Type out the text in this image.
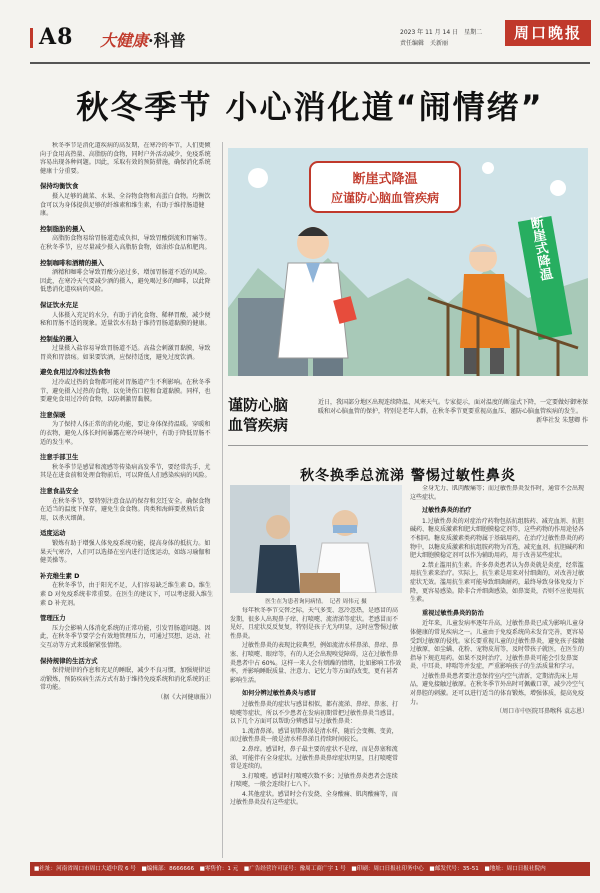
A8 大健康·科普	2023 年 11 月 14 日　星期二
责任编辑　关新丽
周口晚报
秋冬季节 小心消化道“闹情绪”

秋冬季节是消化道疾病的高发期，在寒冷的季节，人们更倾向于食用高热量、高脂肪的食物，同时户外活动减少，免疫系统容易出现各种问题。因此，采取有效的预防措施，确保消化系统健康十分重要。

保持均衡饮食

摄入足够的蔬菜、水果、全谷物食物和高蛋白食物。均衡饮食可以为身体提供足够的纤维素和维生素，有助于维持肠道健康。

控制脂肪的摄入

高脂肪食物易给胃肠道造成负担，导致胃酸倒流和胃痛等。在秋冬季节，应尽量减少摄入高脂肪食物，如油炸食品和肥肉。

控制咖啡和酒精的摄入

酒精和咖啡会导致胃酸分泌过多，增加胃肠道不适的风险。因此，在寒冷天气要减少酒的摄入，避免喝过多的咖啡，以此降低患消化道疾病的风险。

保证饮水充足

人体摄入充足的水分，有助于消化食物、稀释胃酸，减少便秘和胃肠不适的现象。适量饮水有助于维持胃肠道黏膜的健康。

控制盐的摄入

过量摄入盐容易导致胃肠道不适。高盐会刺激胃黏膜，导致胃炎和胃溃疡。如果要饮酒，应保持适度，避免过度饮酒。

避免食用过冷和过热食物

过冷或过热的食物都可能对胃肠道产生不利影响。在秋冬季节，避免摄入过热的食物，以免烫伤口腔和食道黏膜。同样，也要避免食用过冷的食物，以防刺激胃黏膜。

注意保暖

为了保持人体正常的消化功能，要让身体保持温暖。穿暖和的衣物，避免人体长时间暴露在寒冷环境中，有助于降低胃肠不适的发生率。

注意手部卫生

秋冬季节是感冒和流感等传染病高发季节，要经常洗手，尤其是在进食前和处理食物前后，可以降低人们感染疾病的风险。

注意食品安全

在秋冬季节，要特别注意食品的保存和烹饪安全。确保食物在适当的温度下保存，避免生食食物。肉类和海鲜要煮熟后食用，以杀灭细菌。

适度运动

锻炼有助于增强人体免疫系统功能，提高身体的抵抗力。如果天气寒冷，人们可以选择在室内进行适度运动，如练习瑜伽和健美操等。

补充维生素 D

在秋冬季节，由于阳光不足，人们容易缺乏维生素 D。维生素 D 对免疫系统非常重要。在医生的建议下，可以考虑摄入维生素 D 补充剂。

管理压力

压力会影响人体消化系统的正常功能，引发胃肠道问题。因此，在秋冬季节要学会有效地管理压力，可通过冥想、运动、社交互动等方式来缓解紧张情绪。

保持规律的生活方式

保持规律的作息和充足的睡眠，减少不良习惯，加强规律运动锻炼，预防疾病生活方式有助于维持免疫系统和消化系统的正常功能。

（据《大河健康报》）

断崖式降温
应谨防心脑血管疾病
断崖式降温
谨防心脑
血管疾病
近日，我国部分地区出现连续降温、风寒天气。专家提示，面对温度的断崖式下降，一定要做好御寒保暖和对心脑血管的保护，特别是老年人群，在秋冬季节更要重视高血压、谨防心脑血管疾病的发生。
新华社发 朱慧卿 作
秋冬换季总流涕 警惕过敏性鼻炎
医生在为患者询问病情。　记者 周伟元 摄

每年秋冬季节交替之际，天气多变、忽冷忽热，是感冒的高发期，很多人出现鼻子痒、打喷嚏、流清涕等症状。老感冒而不见好，且症状反反复复，特别是孩子尤为明显，这时应警惕过敏性鼻炎。

过敏性鼻炎的表现比较典型，例如流清水样鼻涕、鼻痒、鼻塞、打喷嚏、眼痒等，有的人还会出现嗅觉障碍，这在过敏性鼻炎患者中占 60%。这样一来人会有烦躁的情绪，比如影响工作效率，并影响睡眠质量、注意力、记忆力等方面的改变，更有甚者影响生活。

如何分辨过敏性鼻炎与感冒

过敏性鼻炎的症状与感冒相似，都有流涕、鼻痒、鼻塞、打喷嚏等症状，所以不少患者在发病初期常把过敏性鼻炎当感冒。以下几个方面可以帮助分辨感冒与过敏性鼻炎：

1.流清鼻涕。感冒初期鼻涕是清水样，随后会变稠、变黄，而过敏性鼻炎一般是清水样鼻涕且持续时间较长。

2.鼻痒。感冒时，鼻子最主要的症状不是痒，而是鼻塞和流涕，可能伴有全身症状。过敏性鼻炎鼻痒症状明显，且打喷嚏常常是连续的。

3.打喷嚏。感冒时打喷嚏次数不多；过敏性鼻炎患者会连续打喷嚏，一般会连续打七八下。

4.其他症状。感冒时会有发烧、全身酸痛、肌肉酸痛等，而过敏性鼻炎没有这些症状。

全身无力、肌肉酸痛等；而过敏性鼻炎发作时，通常不会出现这些症状。

过敏性鼻炎的治疗

1.过敏性鼻炎的对症治疗药物包括抗组胺药、减充血剂、抗胆碱药、糖皮质激素和肥大细胞膜稳定剂等，这些药物的作用途径各不相同。糖皮质激素类药物属于基础用药，在治疗过敏性鼻炎的药物中，以糖皮质激素和抗组胺药物为首选，减充血剂、抗胆碱药和肥大细胞膜稳定剂可以作为辅助用药，用于改善某些症状。

2.禁止滥用抗生素。许多鼻炎患者认为鼻炎就是炎症，经常滥用抗生素来治疗。实际上，抗生素是用来对付细菌的，对改善过敏症状无效。滥用抗生素可能导致细菌耐药，最终导致身体免疫力下降，更容易感染。除非合并细菌感染，如鼻窦炎，否则不应使用抗生素。

重视过敏性鼻炎的防治

近年来，儿童发病率逐年升高，过敏性鼻炎已成为影响儿童身体健康的常见疾病之一。儿童由于免疫系统尚未发育完善，更容易受到过敏原的侵扰。家长要重视儿童的过敏性鼻炎，避免孩子接触过敏原，如尘螨、花粉、宠物皮屑等，及时带孩子就医，在医生的指导下规范用药。如果不及时治疗，过敏性鼻炎可能会引发鼻窦炎、中耳炎、哮喘等并发症，严重影响孩子的生活质量和学习。

过敏性鼻炎患者要注意保持室内空气清新，定期清洗床上用品，避免接触过敏原。在秋冬季节外出时可佩戴口罩，减少冷空气对鼻腔的刺激。还可以进行适当的体育锻炼，增强体质，提高免疫力。

（周口市中医院耳鼻喉科 袁志恩）

■社址：河南省周口市周口大道中段 6 号　■编辑部：8666666　■零售价：1 元　■广告经营许可证号：豫周工商广字 1 号　■印刷：周口日报社印务中心　■邮发代号：35-51　■地址：周口日报社院内
